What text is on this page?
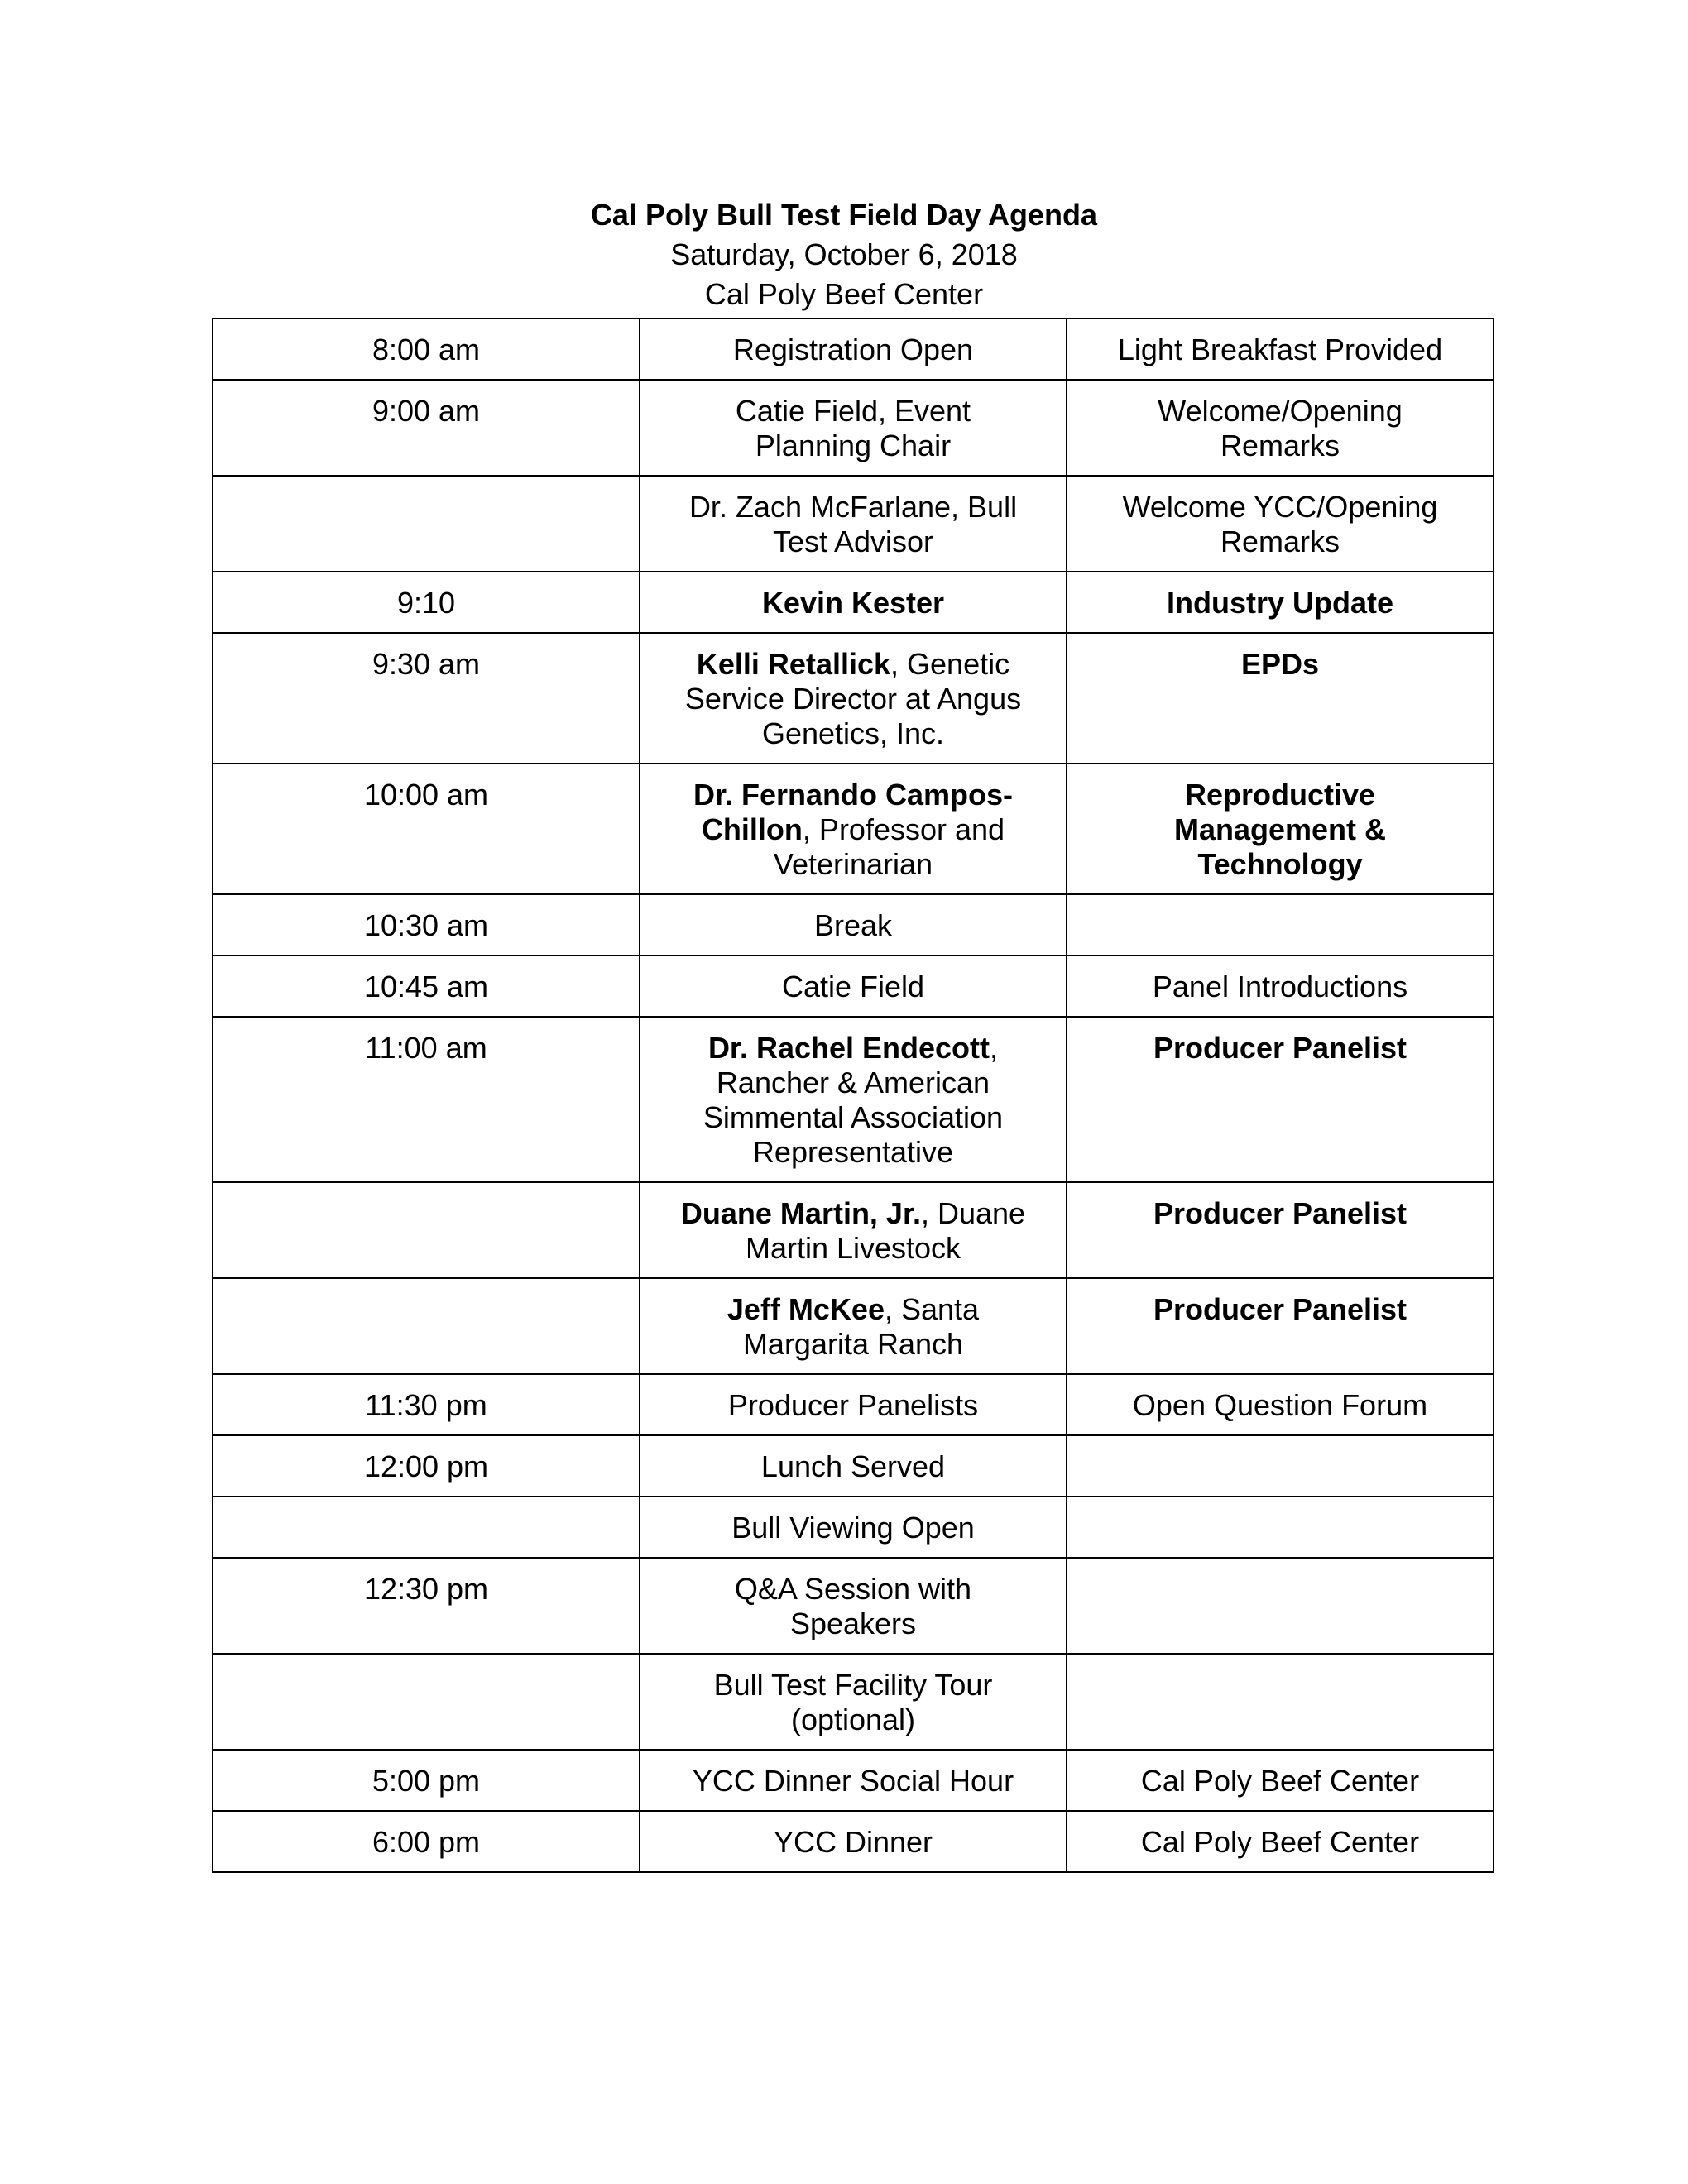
Cal Poly Bull Test Field Day Agenda
Saturday, October 6, 2018
Cal Poly Beef Center
8:00 am	Registration Open	Light Breakfast Provided
9:00 am	Catie Field, Event Planning Chair	Welcome/Opening Remarks
	Dr. Zach McFarlane, Bull Test Advisor	Welcome YCC/Opening Remarks
9:10	Kevin Kester	Industry Update
9:30 am	Kelli Retallick, Genetic Service Director at Angus Genetics, Inc.	EPDs
10:00 am	Dr. Fernando Campos-Chillon, Professor and Veterinarian	Reproductive Management & Technology
10:30 am	Break	
10:45 am	Catie Field	Panel Introductions
11:00 am	Dr. Rachel Endecott, Rancher & American Simmental Association Representative	Producer Panelist
	Duane Martin, Jr., Duane Martin Livestock	Producer Panelist
	Jeff McKee, Santa Margarita Ranch	Producer Panelist
11:30 pm	Producer Panelists	Open Question Forum
12:00 pm	Lunch Served	
	Bull Viewing Open	
12:30 pm	Q&A Session with Speakers	
	Bull Test Facility Tour (optional)	
5:00 pm	YCC Dinner Social Hour	Cal Poly Beef Center
6:00 pm	YCC Dinner	Cal Poly Beef Center
